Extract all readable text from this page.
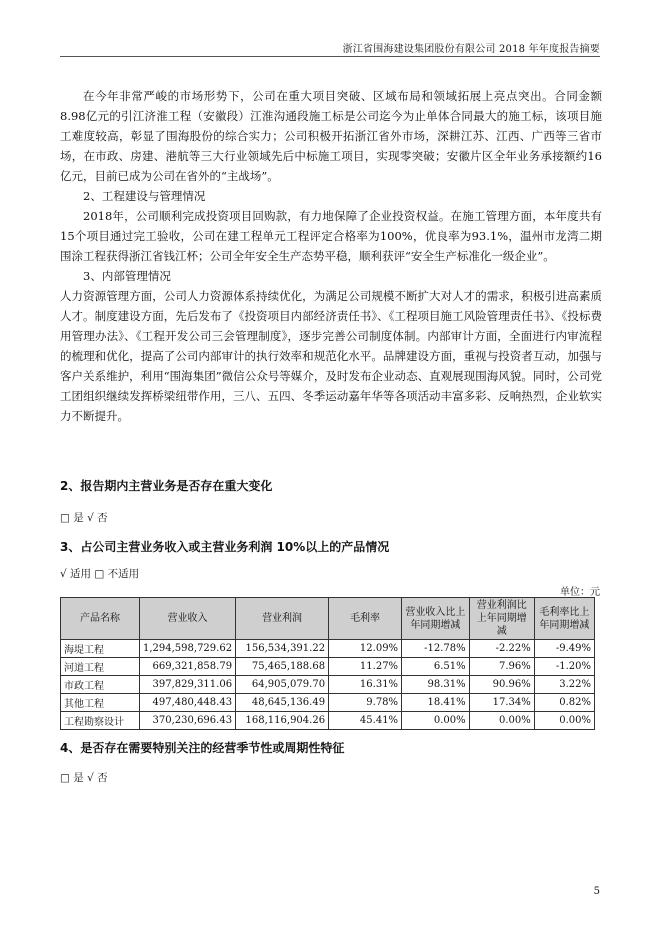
浙江省围海建设集团股份有限公司 2018 年年度报告摘要

在今年非常严峻的市场形势下，公司在重大项目突破、区域布局和领域拓展上亮点突出。合同金额8.98亿元的引江济淮工程（安徽段）江淮沟通段施工标是公司迄今为止单体合同最大的施工标，该项目施工难度较高，彰显了围海股份的综合实力；公司积极开拓浙江省外市场，深耕江苏、江西、广西等三省市场，在市政、房建、港航等三大行业领域先后中标施工项目，实现零突破；安徽片区全年业务承接额约16亿元，目前已成为公司在省外的“主战场”。

2、工程建设与管理情况

2018年，公司顺利完成投资项目回购款，有力地保障了企业投资权益。在施工管理方面，本年度共有15个项目通过完工验收，公司在建工程单元工程评定合格率为100%，优良率为93.1%，温州市龙湾二期围涂工程获得浙江省钱江杯；公司全年安全生产态势平稳，顺利获评“安全生产标准化一级企业”。

3、内部管理情况

人力资源管理方面，公司人力资源体系持续优化，为满足公司规模不断扩大对人才的需求，积极引进高素质人才。制度建设方面，先后发布了《投资项目内部经济责任书》、《工程项目施工风险管理责任书》、《投标费用管理办法》、《工程开发公司三会管理制度》，逐步完善公司制度体制。内部审计方面，全面进行内审流程的梳理和优化，提高了公司内部审计的执行效率和规范化水平。品牌建设方面，重视与投资者互动，加强与客户关系维护，利用“围海集团”微信公众号等媒介，及时发布企业动态、直观展现围海风貌。同时，公司党工团组织继续发挥桥梁纽带作用，三八、五四、冬季运动嘉年华等各项活动丰富多彩、反响热烈，企业软实力不断提升。

2、报告期内主营业务是否存在重大变化
□ 是 √ 否
3、占公司主营业务收入或主营业务利润 10%以上的产品情况
√ 适用 □ 不适用
单位：元
产品名称	营业收入	营业利润	毛利率	营业收入比上年同期增减	营业利润比上年同期增减	毛利率比上年同期增减
海堤工程	1,294,598,729.62	156,534,391.22	12.09%	-12.78%	-2.22%	-9.49%
河道工程	669,321,858.79	75,465,188.68	11.27%	6.51%	7.96%	-1.20%
市政工程	397,829,311.06	64,905,079.70	16.31%	98.31%	90.96%	3.22%
其他工程	497,480,448.43	48,645,136.49	9.78%	18.41%	17.34%	0.82%
工程勘察设计	370,230,696.43	168,116,904.26	45.41%	0.00%	0.00%	0.00%
4、是否存在需要特别关注的经营季节性或周期性特征
□ 是 √ 否
5
